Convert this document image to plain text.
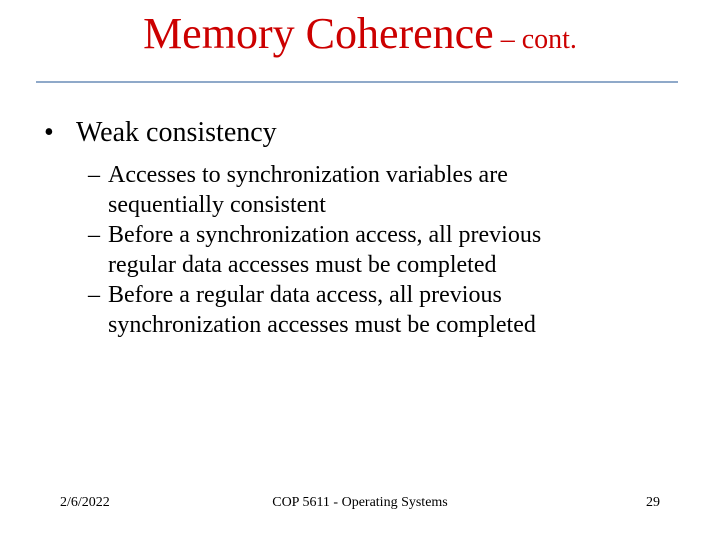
Memory Coherence – cont.
• Weak consistency
– Accesses to synchronization variables are
sequentially consistent
– Before a synchronization access, all previous
regular data accesses must be completed
– Before a regular data access, all previous
synchronization accesses must be completed
2/6/2022	COP 5611 - Operating Systems	29
